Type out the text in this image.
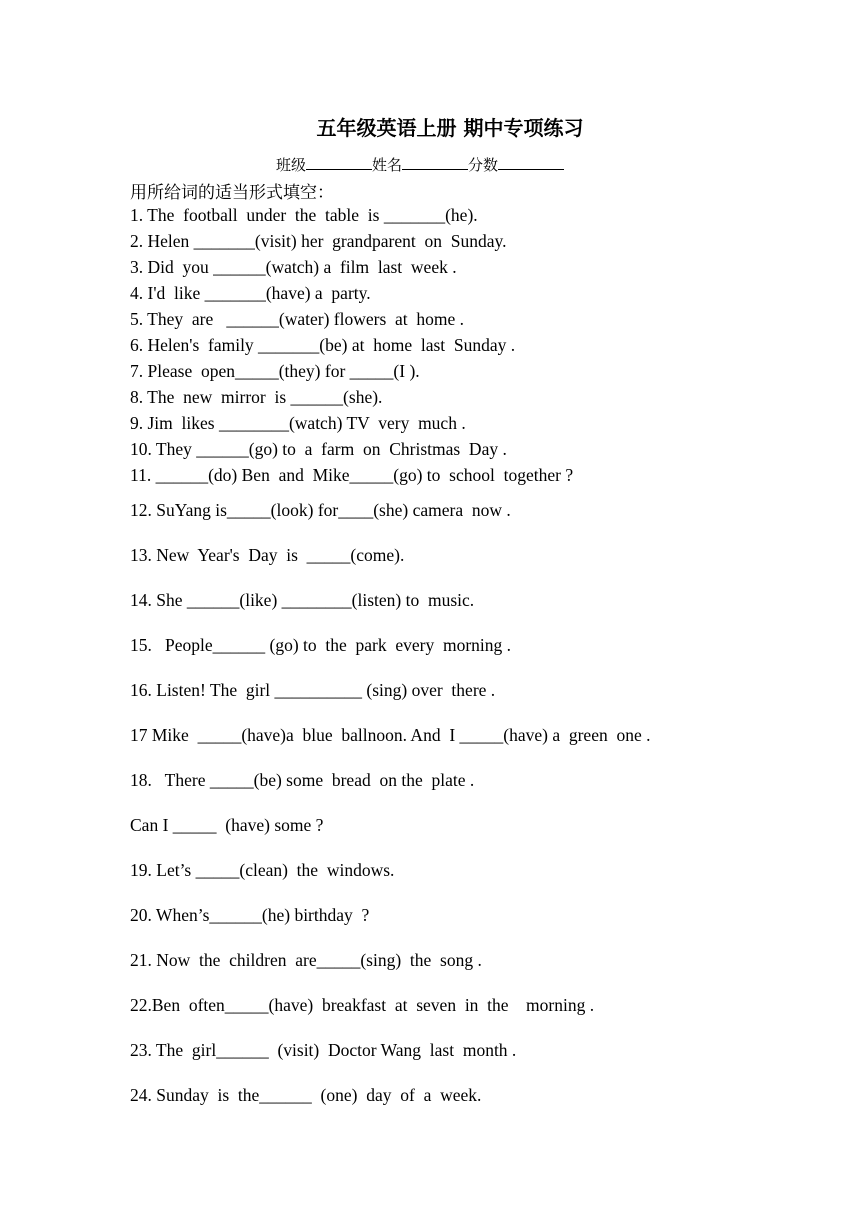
五年级英语上册 期中专项练习
班级	姓名	分数
用所给词的适当形式填空：
1. The  football  under  the  table  is _______(he).
2. Helen _______(visit) her  grandparent  on  Sunday.
3. Did  you ______(watch) a  film  last  week .
4. I'd  like _______(have) a  party.
5. They  are   ______(water) flowers  at  home .
6. Helen's  family _______(be) at  home  last  Sunday .
7. Please  open_____(they) for _____(I ).
8. The  new  mirror  is ______(she).
9. Jim  likes ________(watch) TV  very  much .
10. They ______(go) to  a  farm  on  Christmas  Day .
11. ______(do) Ben  and  Mike_____(go) to  school  together ?
12. SuYang is_____(look) for____(she) camera  now .
13. New  Year's  Day  is  _____(come).
14. She ______(like) ________(listen) to  music.
15.   People______ (go) to  the  park  every  morning .
16. Listen! The  girl __________ (sing) over  there .
17 Mike  _____(have)a  blue  ballnoon. And  I _____(have) a  green  one .
18.   There _____(be) some  bread  on the  plate .
Can I _____  (have) some ?
19. Let’s _____(clean)  the  windows.
20. When’s______(he) birthday  ?
21. Now  the  children  are_____(sing)  the  song .
22.Ben  often_____(have)  breakfast  at  seven  in  the    morning .
23. The  girl______  (visit)  Doctor Wang  last  month .
24. Sunday  is  the______  (one)  day  of  a  week.
